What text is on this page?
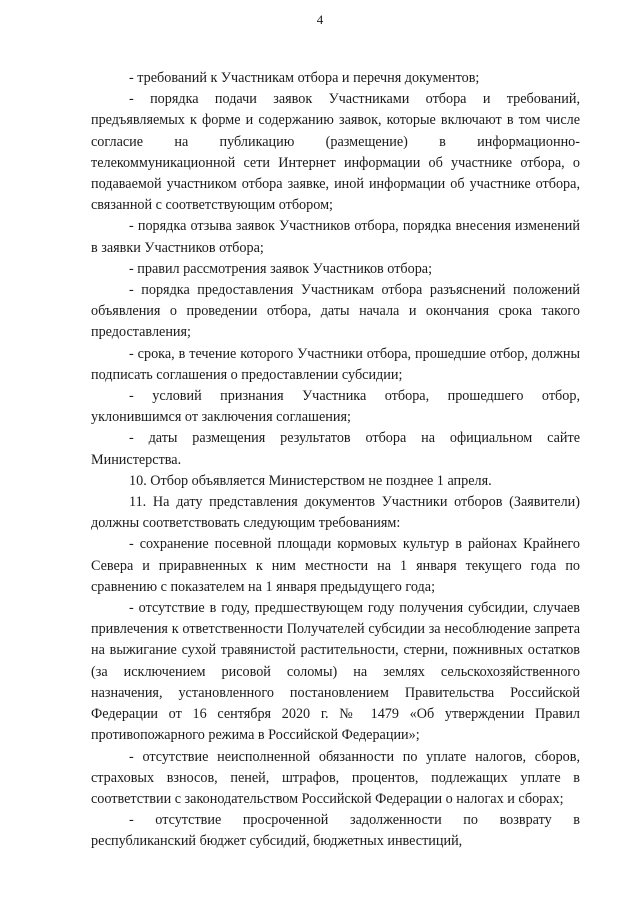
4

- требований к Участникам отбора и перечня документов;

- порядка подачи заявок Участниками отбора и требований, предъявляемых к форме и содержанию заявок, которые включают в том числе согласие на публикацию (размещение) в информационно-телекоммуникационной сети Интернет информации об участнике отбора, о подаваемой участником отбора заявке, иной информации об участнике отбора, связанной с соответствующим отбором;

- порядка отзыва заявок Участников отбора, порядка внесения изменений в заявки Участников отбора;

- правил рассмотрения заявок Участников отбора;

- порядка предоставления Участникам отбора разъяснений положений объявления о проведении отбора, даты начала и окончания срока такого предоставления;

- срока, в течение которого Участники отбора, прошедшие отбор, должны подписать соглашения о предоставлении субсидии;

- условий признания Участника отбора, прошедшего отбор, уклонившимся от заключения соглашения;

- даты размещения результатов отбора на официальном сайте Министерства.

10. Отбор объявляется Министерством не позднее 1 апреля.

11. На дату представления документов Участники отборов (Заявители) должны соответствовать следующим требованиям:

- сохранение посевной площади кормовых культур в районах Крайнего Севера и приравненных к ним местности на 1 января текущего года по сравнению с показателем на 1 января предыдущего года;

- отсутствие в году, предшествующем году получения субсидии, случаев привлечения к ответственности Получателей субсидии за несоблюдение запрета на выжигание сухой травянистой растительности, стерни, пожнивных остатков (за исключением рисовой соломы) на землях сельскохозяйственного назначения, установленного постановлением Правительства Российской Федерации от 16 сентября 2020 г. № 1479 «Об утверждении Правил противопожарного режима в Российской Федерации»;

- отсутствие неисполненной обязанности по уплате налогов, сборов, страховых взносов, пеней, штрафов, процентов, подлежащих уплате в соответствии с законодательством Российской Федерации о налогах и сборах;

- отсутствие просроченной задолженности по возврату в республиканский бюджет субсидий, бюджетных инвестиций,
